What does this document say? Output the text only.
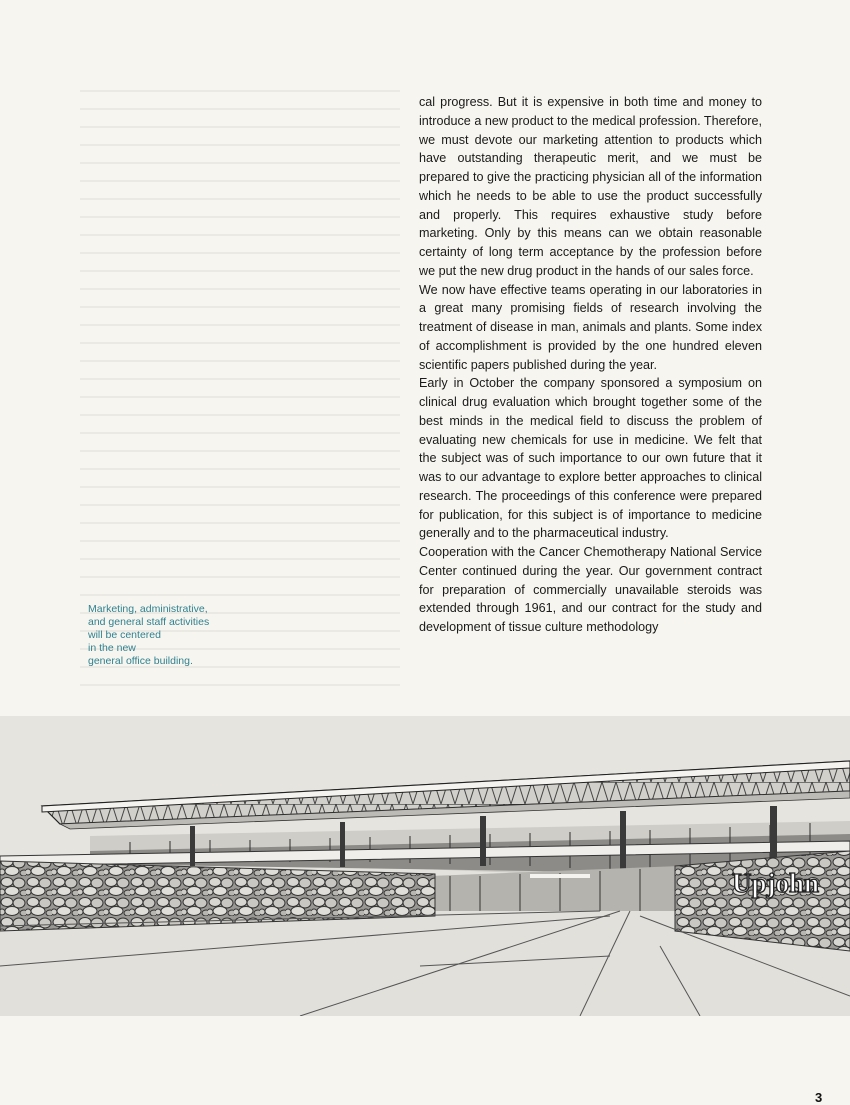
cal progress. But it is expensive in both time and money to introduce a new product to the medical profession. Therefore, we must devote our marketing attention to products which have outstanding therapeutic merit, and we must be prepared to give the practicing physician all of the information which he needs to be able to use the product successfully and properly. This requires exhaustive study before marketing. Only by this means can we obtain reasonable certainty of long term acceptance by the profession before we put the new drug product in the hands of our sales force.

We now have effective teams operating in our laboratories in a great many promising fields of research involving the treatment of disease in man, animals and plants. Some index of accomplishment is provided by the one hundred eleven scientific papers published during the year.

Early in October the company sponsored a symposium on clinical drug evaluation which brought together some of the best minds in the medical field to discuss the problem of evaluating new chemicals for use in medicine. We felt that the subject was of such importance to our own future that it was to our advantage to explore better approaches to clinical research. The proceedings of this conference were prepared for publication, for this subject is of importance to medicine generally and to the pharmaceutical industry.

Cooperation with the Cancer Chemotherapy National Service Center continued during the year. Our government contract for preparation of commercially unavailable steroids was extended through 1961, and our contract for the study and development of tissue culture methodology

Marketing, administrative,
and general staff activities
will be centered
in the new
general office building.
Upjohn
3
